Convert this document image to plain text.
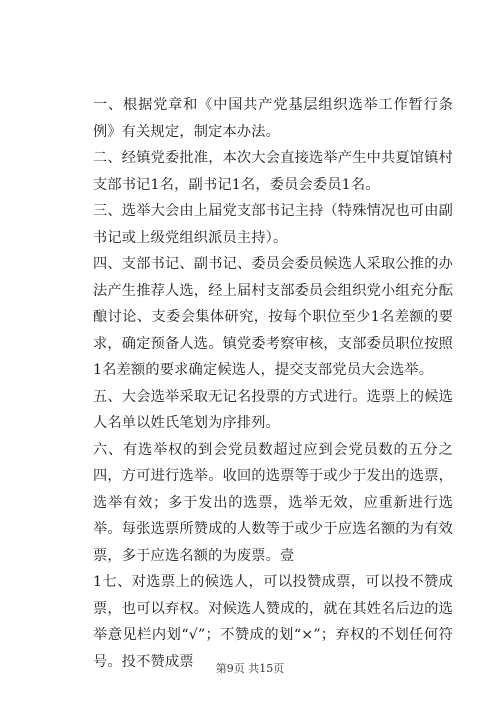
一、根据党章和《中国共产党基层组织选举工作暂行条例》有关规定，制定本办法。

二、经镇党委批准，本次大会直接选举产生中共夏馆镇村支部书记1名，副书记1名，委员会委员1名。

三、选举大会由上届党支部书记主持（特殊情况也可由副书记或上级党组织派员主持）。

四、支部书记、副书记、委员会委员候选人采取公推的办法产生推荐人选，经上届村支部委员会组织党小组充分酝酿讨论、支委会集体研究，按每个职位至少1名差额的要求，确定预备人选。镇党委考察审核，支部委员职位按照1名差额的要求确定候选人，提交支部党员大会选举。

五、大会选举采取无记名投票的方式进行。选票上的候选人名单以姓氏笔划为序排列。

六、有选举权的到会党员数超过应到会党员数的五分之四，方可进行选举。收回的选票等于或少于发出的选票，选举有效；多于发出的选票，选举无效，应重新进行选举。每张选票所赞成的人数等于或少于应选名额的为有效票，多于应选名额的为废票。壹

1七、对选票上的候选人，可以投赞成票，可以投不赞成票，也可以弃权。对候选人赞成的，就在其姓名后边的选举意见栏内划“√”；不赞成的划“×”；弃权的不划任何符号。投不赞成票	第9页 共15页
